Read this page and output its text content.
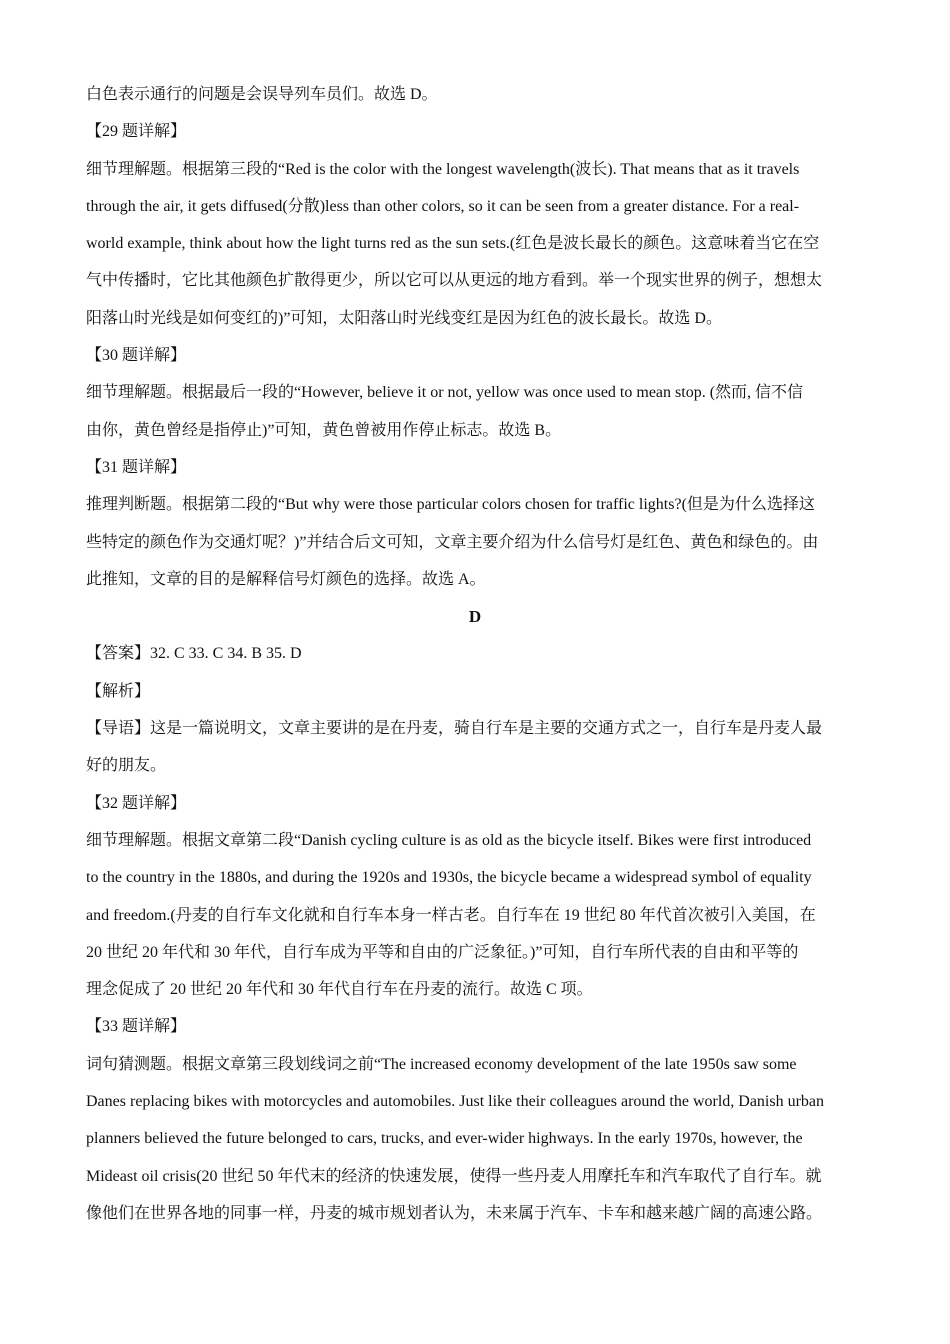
白色表示通行的问题是会误导列车员们。故选 D。
【29 题详解】
细节理解题。根据第三段的“Red is the color with the longest wavelength(波长). That means that as it travels
through the air, it gets diffused(分散)less than other colors, so it can be seen from a greater distance. For a real-
world example, think about how the light turns red as the sun sets.(红色是波长最长的颜色。这意味着当它在空
气中传播时，它比其他颜色扩散得更少，所以它可以从更远的地方看到。举一个现实世界的例子，想想太
阳落山时光线是如何变红的)”可知，太阳落山时光线变红是因为红色的波长最长。故选 D。
【30 题详解】
细节理解题。根据最后一段的“However, believe it or not, yellow was once used to mean stop. (然而, 信不信
由你，黄色曾经是指停止)”可知，黄色曾被用作停止标志。故选 B。
【31 题详解】
推理判断题。根据第二段的“But why were those particular colors chosen for traffic lights?(但是为什么选择这
些特定的颜色作为交通灯呢？)”并结合后文可知，文章主要介绍为什么信号灯是红色、黄色和绿色的。由
此推知，文章的目的是解释信号灯颜色的选择。故选 A。
D
【答案】32. C 33. C 34. B 35. D
【解析】
【导语】这是一篇说明文，文章主要讲的是在丹麦，骑自行车是主要的交通方式之一，自行车是丹麦人最
好的朋友。
【32 题详解】
细节理解题。根据文章第二段“Danish cycling culture is as old as the bicycle itself. Bikes were first introduced
to the country in the 1880s, and during the 1920s and 1930s, the bicycle became a widespread symbol of equality
and freedom.(丹麦的自行车文化就和自行车本身一样古老。自行车在 19 世纪 80 年代首次被引入美国，在
20 世纪 20 年代和 30 年代，自行车成为平等和自由的广泛象征。)”可知，自行车所代表的自由和平等的
理念促成了 20 世纪 20 年代和 30 年代自行车在丹麦的流行。故选 C 项。
【33 题详解】
词句猜测题。根据文章第三段划线词之前“The increased economy development of the late 1950s saw some
Danes replacing bikes with motorcycles and automobiles. Just like their colleagues around the world, Danish urban
planners believed the future belonged to cars, trucks, and ever-wider highways. In the early 1970s, however, the
Mideast oil crisis(20 世纪 50 年代末的经济的快速发展，使得一些丹麦人用摩托车和汽车取代了自行车。就
像他们在世界各地的同事一样，丹麦的城市规划者认为，未来属于汽车、卡车和越来越广阔的高速公路。
